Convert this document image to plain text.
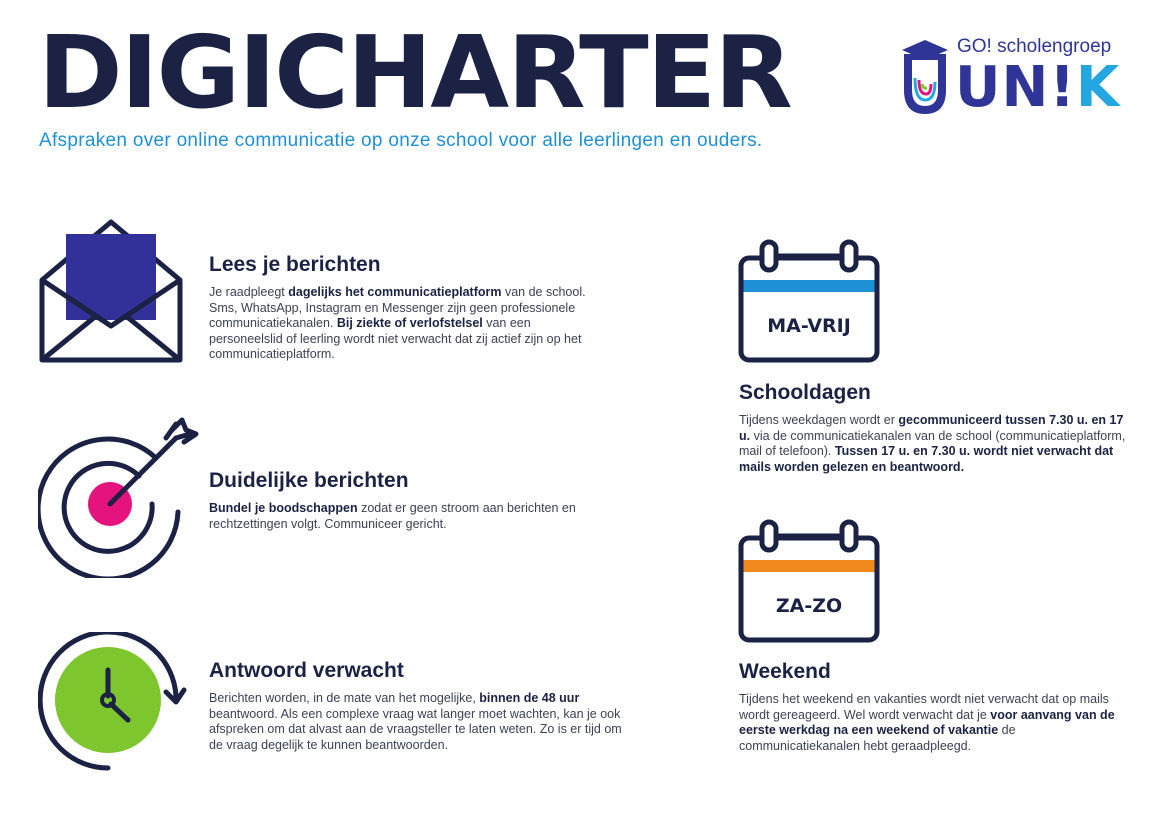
DIGICHARTER
Afspraken over online communicatie op onze school voor alle leerlingen en ouders.
GO! scholengroep
UN!K
Lees je berichten
Je raadpleegt dagelijks het communicatieplatform van de school. Sms, WhatsApp, Instagram en Messenger zijn geen professionele communicatiekanalen. Bij ziekte of verlofstelsel van een personeelslid of leerling wordt niet verwacht dat zij actief zijn op het communicatieplatform.
Duidelijke berichten
Bundel je boodschappen zodat er geen stroom aan berichten en rechtzettingen volgt. Communiceer gericht.
Antwoord verwacht
Berichten worden, in de mate van het mogelijke, binnen de 48 uur beantwoord. Als een complexe vraag wat langer moet wachten, kan je ook afspreken om dat alvast aan de vraagsteller te laten weten. Zo is er tijd om de vraag degelijk te kunnen beantwoorden.
MA-VRIJ
Schooldagen
Tijdens weekdagen wordt er gecommuniceerd tussen 7.30 u. en 17 u. via de communicatiekanalen van de school (communicatieplatform, mail of telefoon). Tussen 17 u. en 7.30 u. wordt niet verwacht dat mails worden gelezen en beantwoord.
ZA-ZO
Weekend
Tijdens het weekend en vakanties wordt niet verwacht dat op mails wordt gereageerd. Wel wordt verwacht dat je voor aanvang van de eerste werkdag na een weekend of vakantie de communicatiekanalen hebt geraadpleegd.
